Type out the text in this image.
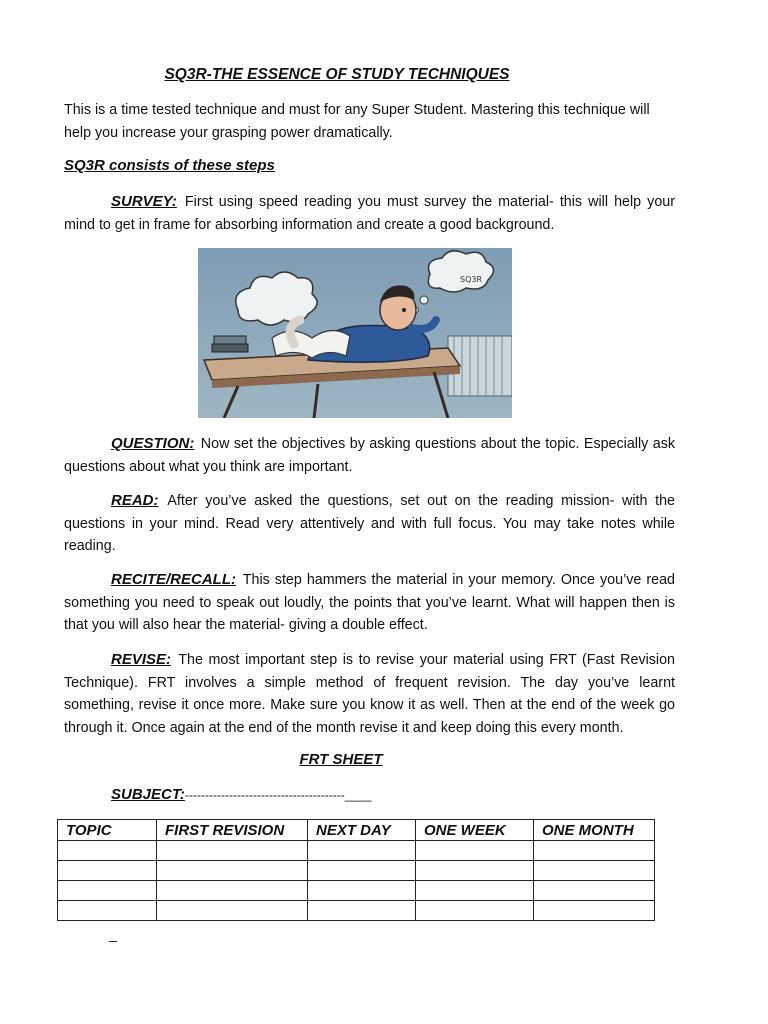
SQ3R-THE ESSENCE OF STUDY TECHNIQUES

This is a time tested technique and must for any Super Student. Mastering this technique will help you increase your grasping power dramatically.

SQ3R consists of these steps

SURVEY: First using speed reading you must survey the material- this will help your mind to get in frame for absorbing information and create a good background.

SQ3R

QUESTION: Now set the objectives by asking questions about the topic. Especially ask questions about what you think are important.

READ: After you’ve asked the questions, set out on the reading mission- with the questions in your mind. Read very attentively and with full focus. You may take notes while reading.

RECITE/RECALL: This step hammers the material in your memory. Once you’ve read something you need to speak out loudly, the points that you’ve learnt. What will happen then is that you will also hear the material- giving a double effect.

REVISE: The most important step is to revise your material using FRT (Fast Revision Technique). FRT involves a simple method of frequent revision. The day you’ve learnt something, revise it once more. Make sure you know it as well. Then at the end of the week go through it. Once again at the end of the month revise it and keep doing this every month.

FRT SHEET
SUBJECT:----------------------------------------____
TOPIC	FIRST REVISION	NEXT DAY	ONE WEEK	ONE MONTH

_
